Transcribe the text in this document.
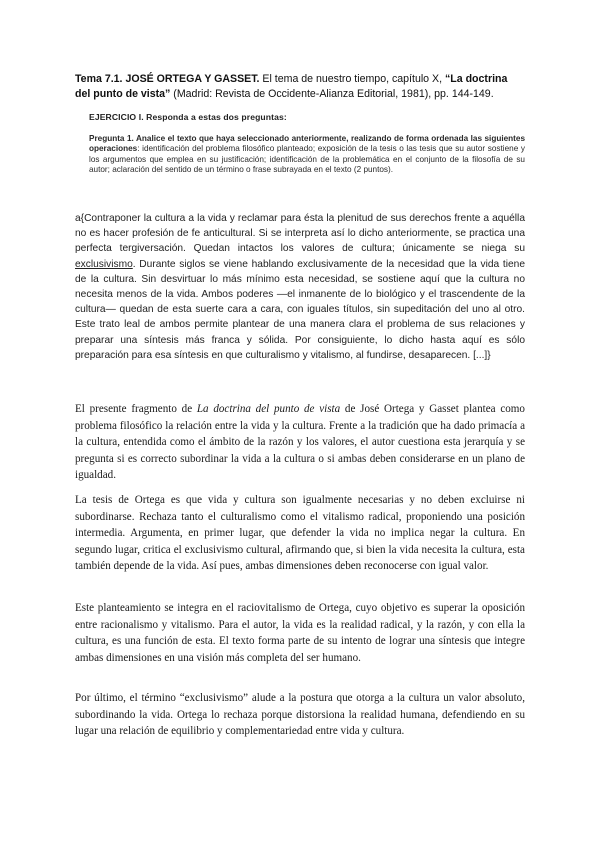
Tema 7.1. JOSÉ ORTEGA Y GASSET. El tema de nuestro tiempo, capítulo X, “La doctrina del punto de vista” (Madrid: Revista de Occidente-Alianza Editorial, 1981), pp. 144-149.
EJERCICIO I. Responda a estas dos preguntas:
Pregunta 1. Analice el texto que haya seleccionado anteriormente, realizando de forma ordenada las siguientes operaciones: identificación del problema filosófico planteado; exposición de la tesis o las tesis que su autor sostiene y los argumentos que emplea en su justificación; identificación de la problemática en el conjunto de la filosofía de su autor; aclaración del sentido de un término o frase subrayada en el texto (2 puntos).
a{Contraponer la cultura a la vida y reclamar para ésta la plenitud de sus derechos frente a aquélla no es hacer profesión de fe anticultural. Si se interpreta así lo dicho anteriormente, se practica una perfecta tergiversación. Quedan intactos los valores de cultura; únicamente se niega su exclusivismo. Durante siglos se viene hablando exclusivamente de la necesidad que la vida tiene de la cultura. Sin desvirtuar lo más mínimo esta necesidad, se sostiene aquí que la cultura no necesita menos de la vida. Ambos poderes —el inmanente de lo biológico y el trascendente de la cultura— quedan de esta suerte cara a cara, con iguales títulos, sin supeditación del uno al otro. Este trato leal de ambos permite plantear de una manera clara el problema de sus relaciones y preparar una síntesis más franca y sólida. Por consiguiente, lo dicho hasta aquí es sólo preparación para esa síntesis en que culturalismo y vitalismo, al fundirse, desaparecen. [...]}

El presente fragmento de La doctrina del punto de vista de José Ortega y Gasset plantea como problema filosófico la relación entre la vida y la cultura. Frente a la tradición que ha dado primacía a la cultura, entendida como el ámbito de la razón y los valores, el autor cuestiona esta jerarquía y se pregunta si es correcto subordinar la vida a la cultura o si ambas deben considerarse en un plano de igualdad.

La tesis de Ortega es que vida y cultura son igualmente necesarias y no deben excluirse ni subordinarse. Rechaza tanto el culturalismo como el vitalismo radical, proponiendo una posición intermedia. Argumenta, en primer lugar, que defender la vida no implica negar la cultura. En segundo lugar, critica el exclusivismo cultural, afirmando que, si bien la vida necesita la cultura, esta también depende de la vida. Así pues, ambas dimensiones deben reconocerse con igual valor.

Este planteamiento se integra en el raciovitalismo de Ortega, cuyo objetivo es superar la oposición entre racionalismo y vitalismo. Para el autor, la vida es la realidad radical, y la razón, y con ella la cultura, es una función de esta. El texto forma parte de su intento de lograr una síntesis que integre ambas dimensiones en una visión más completa del ser humano.

Por último, el término “exclusivismo” alude a la postura que otorga a la cultura un valor absoluto, subordinando la vida. Ortega lo rechaza porque distorsiona la realidad humana, defendiendo en su lugar una relación de equilibrio y complementariedad entre vida y cultura.
